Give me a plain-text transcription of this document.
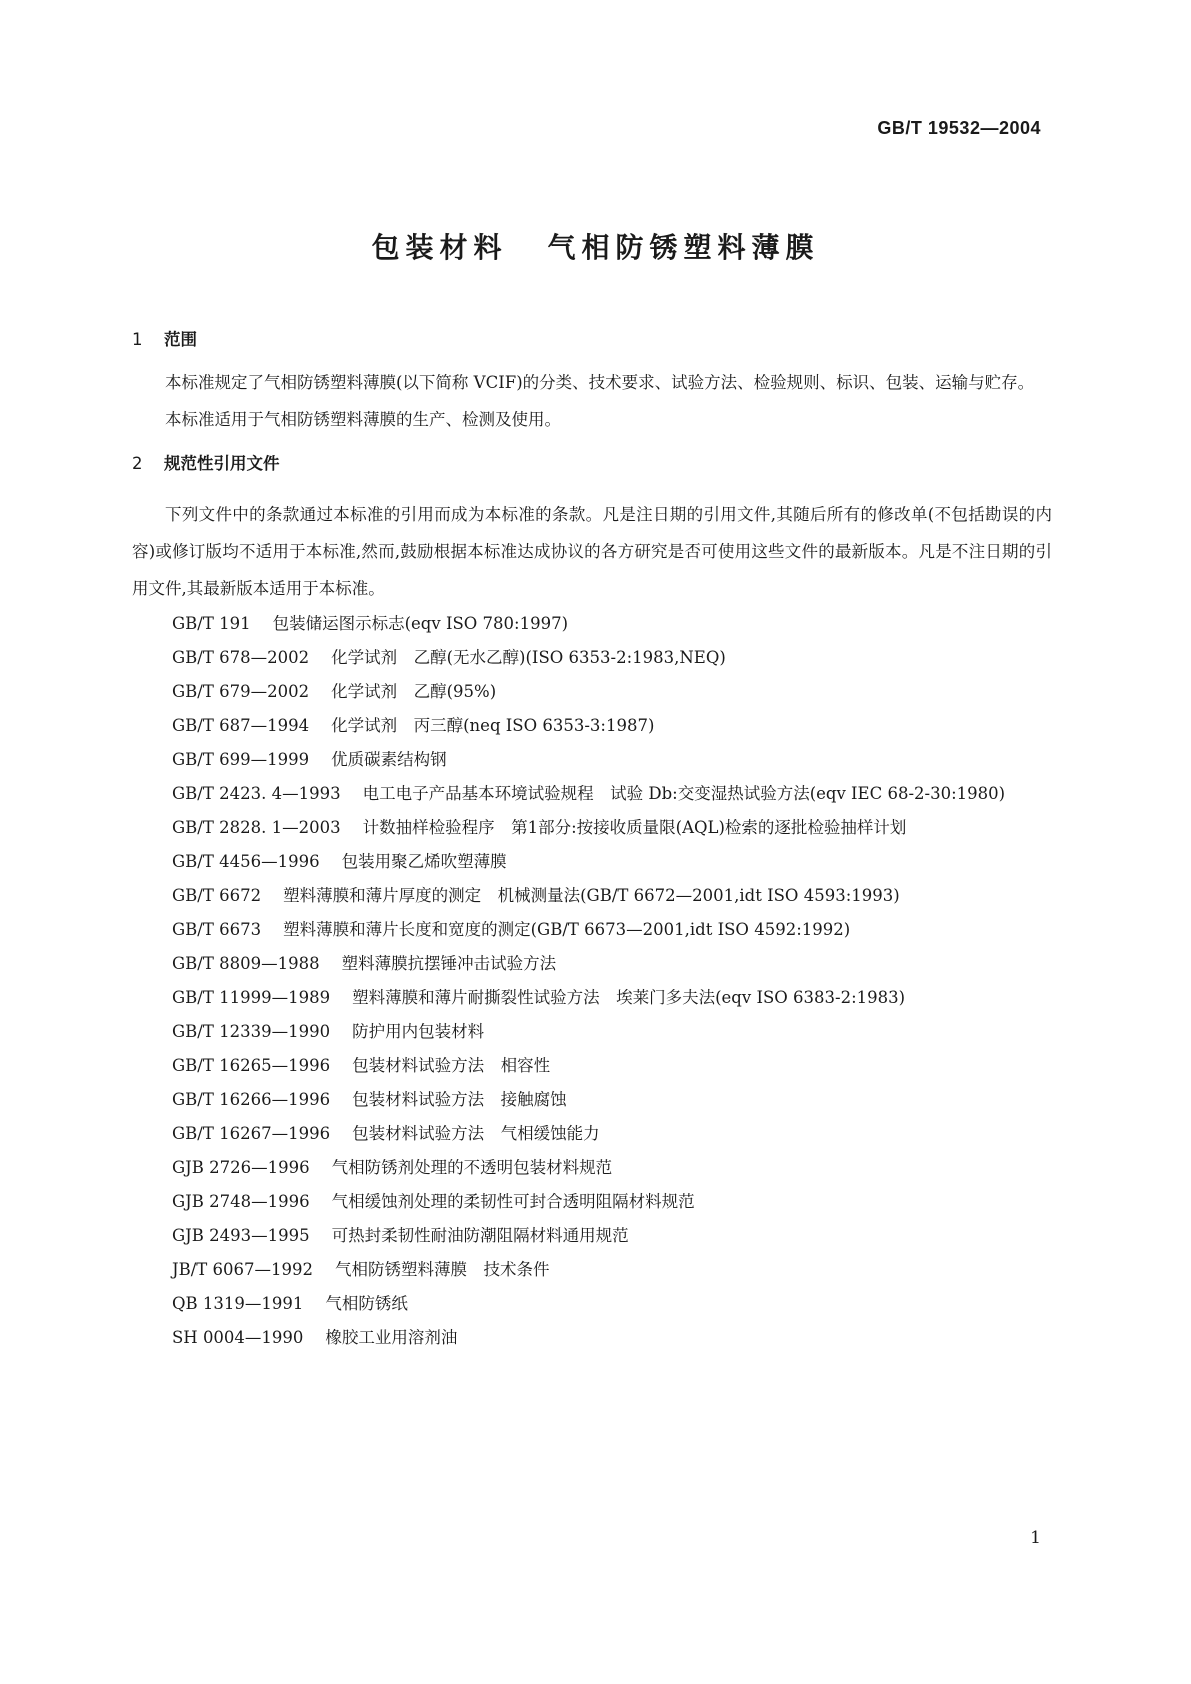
GB/T 19532—2004
包装材料 气相防锈塑料薄膜
1 范围

本标准规定了气相防锈塑料薄膜(以下简称 VCIF)的分类、技术要求、试验方法、检验规则、标识、包装、运输与贮存。

本标准适用于气相防锈塑料薄膜的生产、检测及使用。

2 规范性引用文件

下列文件中的条款通过本标准的引用而成为本标准的条款。凡是注日期的引用文件,其随后所有的修改单(不包括勘误的内容)或修订版均不适用于本标准,然而,鼓励根据本标准达成协议的各方研究是否可使用这些文件的最新版本。凡是不注日期的引用文件,其最新版本适用于本标准。

GB/T 191 包装储运图示标志(eqv ISO 780:1997)
GB/T 678—2002 化学试剂　乙醇(无水乙醇)(ISO 6353-2:1983,NEQ)
GB/T 679—2002 化学试剂　乙醇(95%)
GB/T 687—1994 化学试剂　丙三醇(neq ISO 6353-3:1987)
GB/T 699—1999 优质碳素结构钢
GB/T 2423. 4—1993 电工电子产品基本环境试验规程　试验 Db:交变湿热试验方法(eqv IEC 68-2-30:1980)
GB/T 2828. 1—2003 计数抽样检验程序　第1部分:按接收质量限(AQL)检索的逐批检验抽样计划
GB/T 4456—1996 包装用聚乙烯吹塑薄膜
GB/T 6672 塑料薄膜和薄片厚度的测定　机械测量法(GB/T 6672—2001,idt ISO 4593:1993)
GB/T 6673 塑料薄膜和薄片长度和宽度的测定(GB/T 6673—2001,idt ISO 4592:1992)
GB/T 8809—1988 塑料薄膜抗摆锤冲击试验方法
GB/T 11999—1989 塑料薄膜和薄片耐撕裂性试验方法　埃莱门多夫法(eqv ISO 6383-2:1983)
GB/T 12339—1990 防护用内包装材料
GB/T 16265—1996 包装材料试验方法　相容性
GB/T 16266—1996 包装材料试验方法　接触腐蚀
GB/T 16267—1996 包装材料试验方法　气相缓蚀能力
GJB 2726—1996 气相防锈剂处理的不透明包装材料规范
GJB 2748—1996 气相缓蚀剂处理的柔韧性可封合透明阻隔材料规范
GJB 2493—1995 可热封柔韧性耐油防潮阻隔材料通用规范
JB/T 6067—1992 气相防锈塑料薄膜　技术条件
QB 1319—1991 气相防锈纸
SH 0004—1990 橡胶工业用溶剂油
1
